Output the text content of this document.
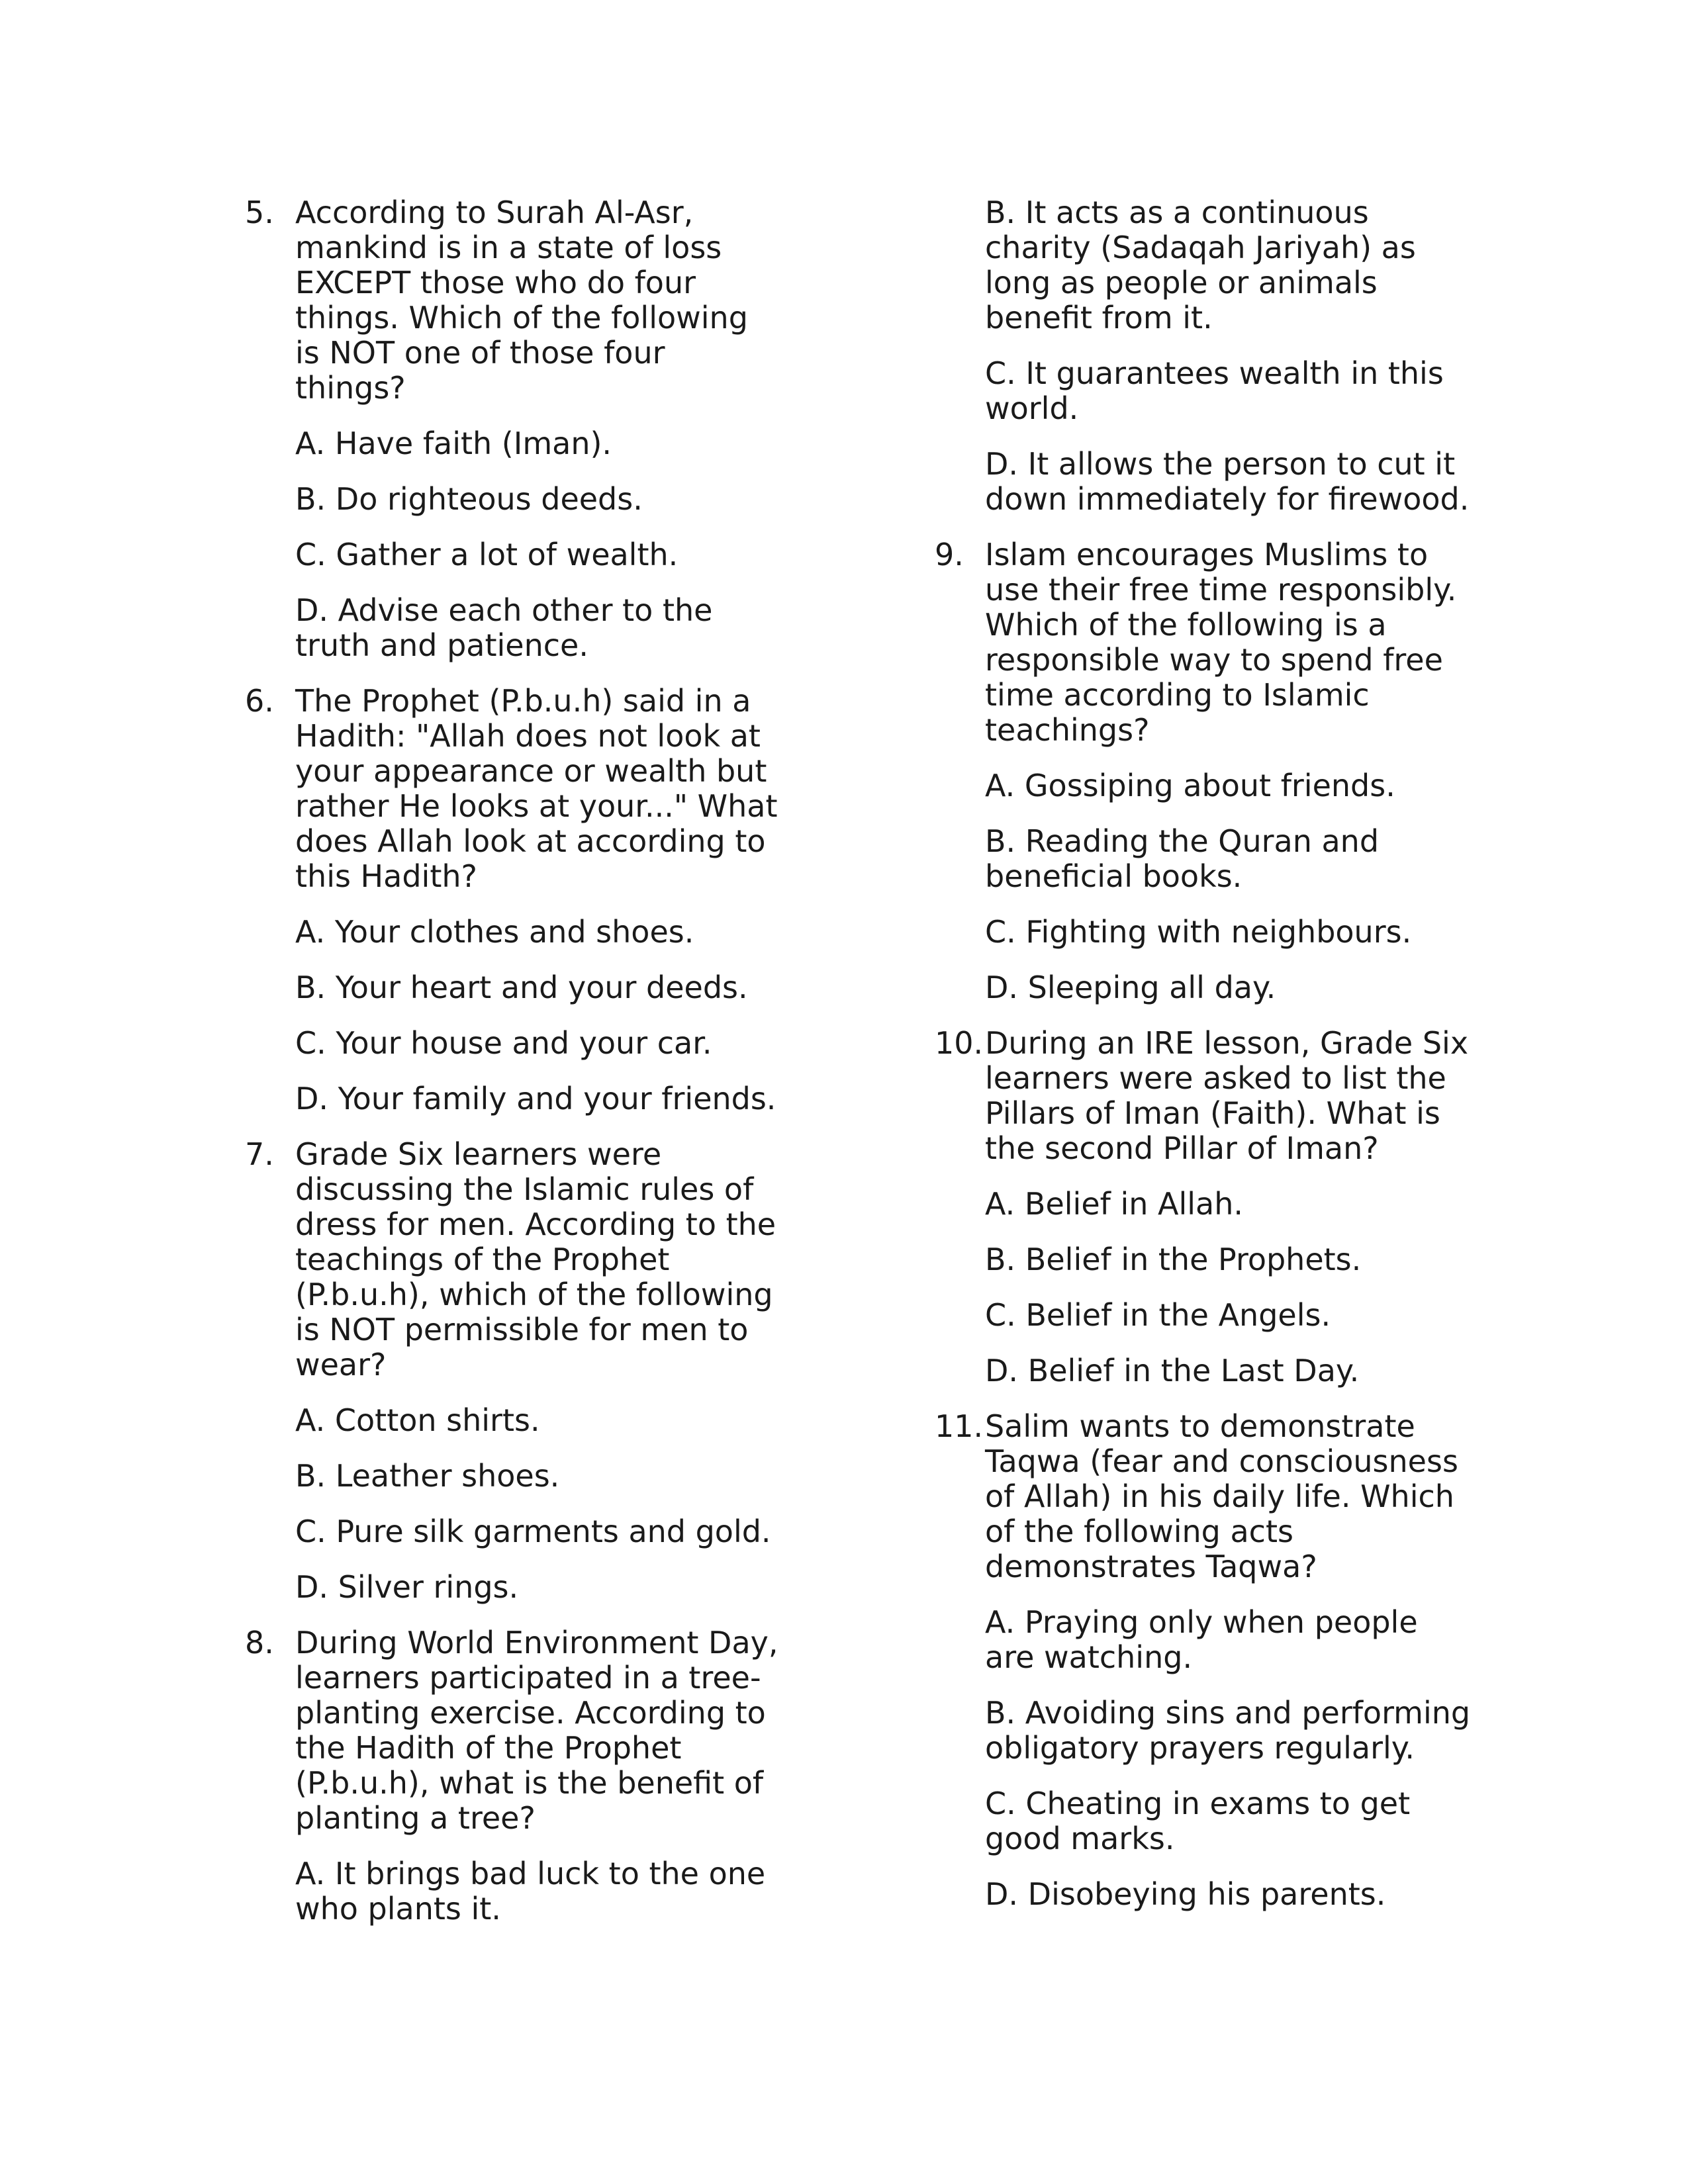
5. According to Surah Al-Asr, mankind is in a state of loss EXCEPT those who do four things. Which of the following is NOT one of those four things?
A. Have faith (Iman).
B. Do righteous deeds.
C. Gather a lot of wealth.
D. Advise each other to the truth and patience.
6. The Prophet (P.b.u.h) said in a Hadith: "Allah does not look at your appearance or wealth but rather He looks at your..." What does Allah look at according to this Hadith?
A. Your clothes and shoes.
B. Your heart and your deeds.
C. Your house and your car.
D. Your family and your friends.
7. Grade Six learners were discussing the Islamic rules of dress for men. According to the teachings of the Prophet (P.b.u.h), which of the following is NOT permissible for men to wear?
A. Cotton shirts.
B. Leather shoes.
C. Pure silk garments and gold.
D. Silver rings.
8. During World Environment Day, learners participated in a tree-planting exercise. According to the Hadith of the Prophet (P.b.u.h), what is the benefit of planting a tree?
A. It brings bad luck to the one who plants it.
B. It acts as a continuous charity (Sadaqah Jariyah) as long as people or animals benefit from it.
C. It guarantees wealth in this world.
D. It allows the person to cut it down immediately for firewood.
9. Islam encourages Muslims to use their free time responsibly. Which of the following is a responsible way to spend free time according to Islamic teachings?
A. Gossiping about friends.
B. Reading the Quran and beneficial books.
C. Fighting with neighbours.
D. Sleeping all day.
10. During an IRE lesson, Grade Six learners were asked to list the Pillars of Iman (Faith). What is the second Pillar of Iman?
A. Belief in Allah.
B. Belief in the Prophets.
C. Belief in the Angels.
D. Belief in the Last Day.
11. Salim wants to demonstrate Taqwa (fear and consciousness of Allah) in his daily life. Which of the following acts demonstrates Taqwa?
A. Praying only when people are watching.
B. Avoiding sins and performing obligatory prayers regularly.
C. Cheating in exams to get good marks.
D. Disobeying his parents.
